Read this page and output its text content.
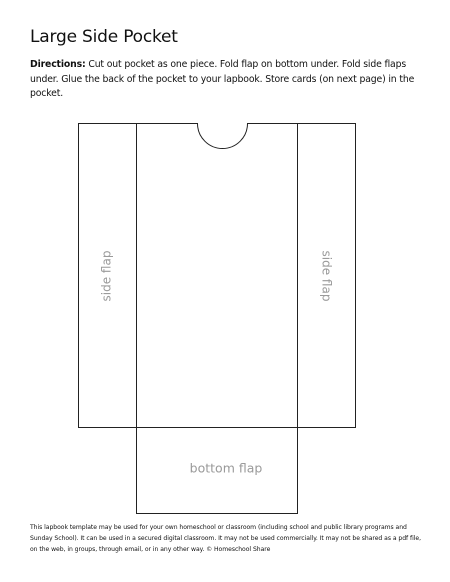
Large Side Pocket
Directions: Cut out pocket as one piece. Fold flap on bottom under. Fold side flaps under. Glue the back of the pocket to your lapbook. Store cards (on next page) in the pocket.
side flap	side flap
bottom flap
This lapbook template may be used for your own homeschool or classroom (including school and public library programs and Sunday School). It can be used in a secured digital classroom. It may not be used commercially. It may not be shared as a pdf file, on the web, in groups, through email, or in any other way. © Homeschool Share
